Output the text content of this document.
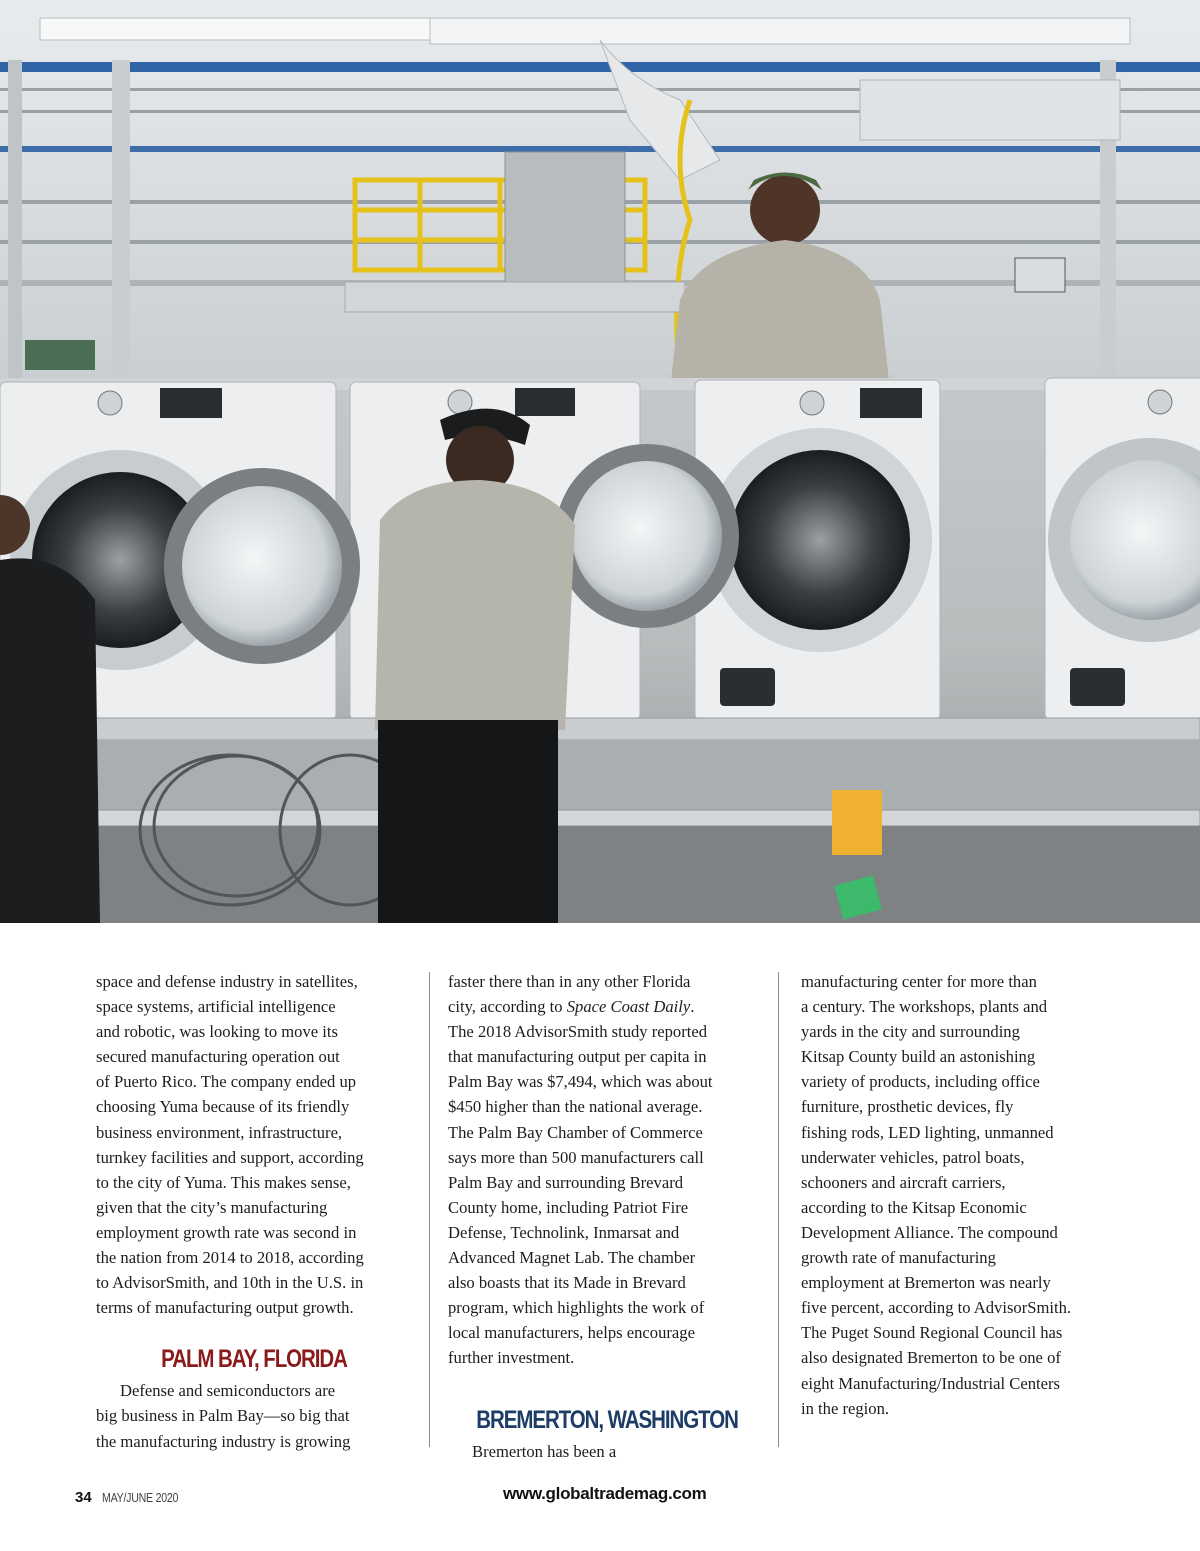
space and defense industry in satellites,
space systems, artificial intelligence
and robotic, was looking to move its
secured manufacturing operation out
of Puerto Rico. The company ended up
choosing Yuma because of its friendly
business environment, infrastructure,
turnkey facilities and support, according
to the city of Yuma. This makes sense,
given that the city’s manufacturing
employment growth rate was second in
the nation from 2014 to 2018, according
to AdvisorSmith, and 10th in the U.S. in
terms of manufacturing output growth.

PALM BAY, FLORIDA

Defense and semiconductors are
big business in Palm Bay—so big that
the manufacturing industry is growing

faster there than in any other Florida
city, according to Space Coast Daily.
The 2018 AdvisorSmith study reported
that manufacturing output per capita in
Palm Bay was $7,494, which was about
$450 higher than the national average.
The Palm Bay Chamber of Commerce
says more than 500 manufacturers call
Palm Bay and surrounding Brevard
County home, including Patriot Fire
Defense, Technolink, Inmarsat and
Advanced Magnet Lab. The chamber
also boasts that its Made in Brevard
program, which highlights the work of
local manufacturers, helps encourage
further investment.

BREMERTON, WASHINGTON

Bremerton has been a

manufacturing center for more than
a century. The workshops, plants and
yards in the city and surrounding
Kitsap County build an astonishing
variety of products, including office
furniture, prosthetic devices, fly
fishing rods, LED lighting, unmanned
underwater vehicles, patrol boats,
schooners and aircraft carriers,
according to the Kitsap Economic
Development Alliance. The compound
growth rate of manufacturing
employment at Bremerton was nearly
five percent, according to AdvisorSmith.
The Puget Sound Regional Council has
also designated Bremerton to be one of
eight Manufacturing/Industrial Centers
in the region.

34 MAY/JUNE 2020	www.globaltrademag.com
